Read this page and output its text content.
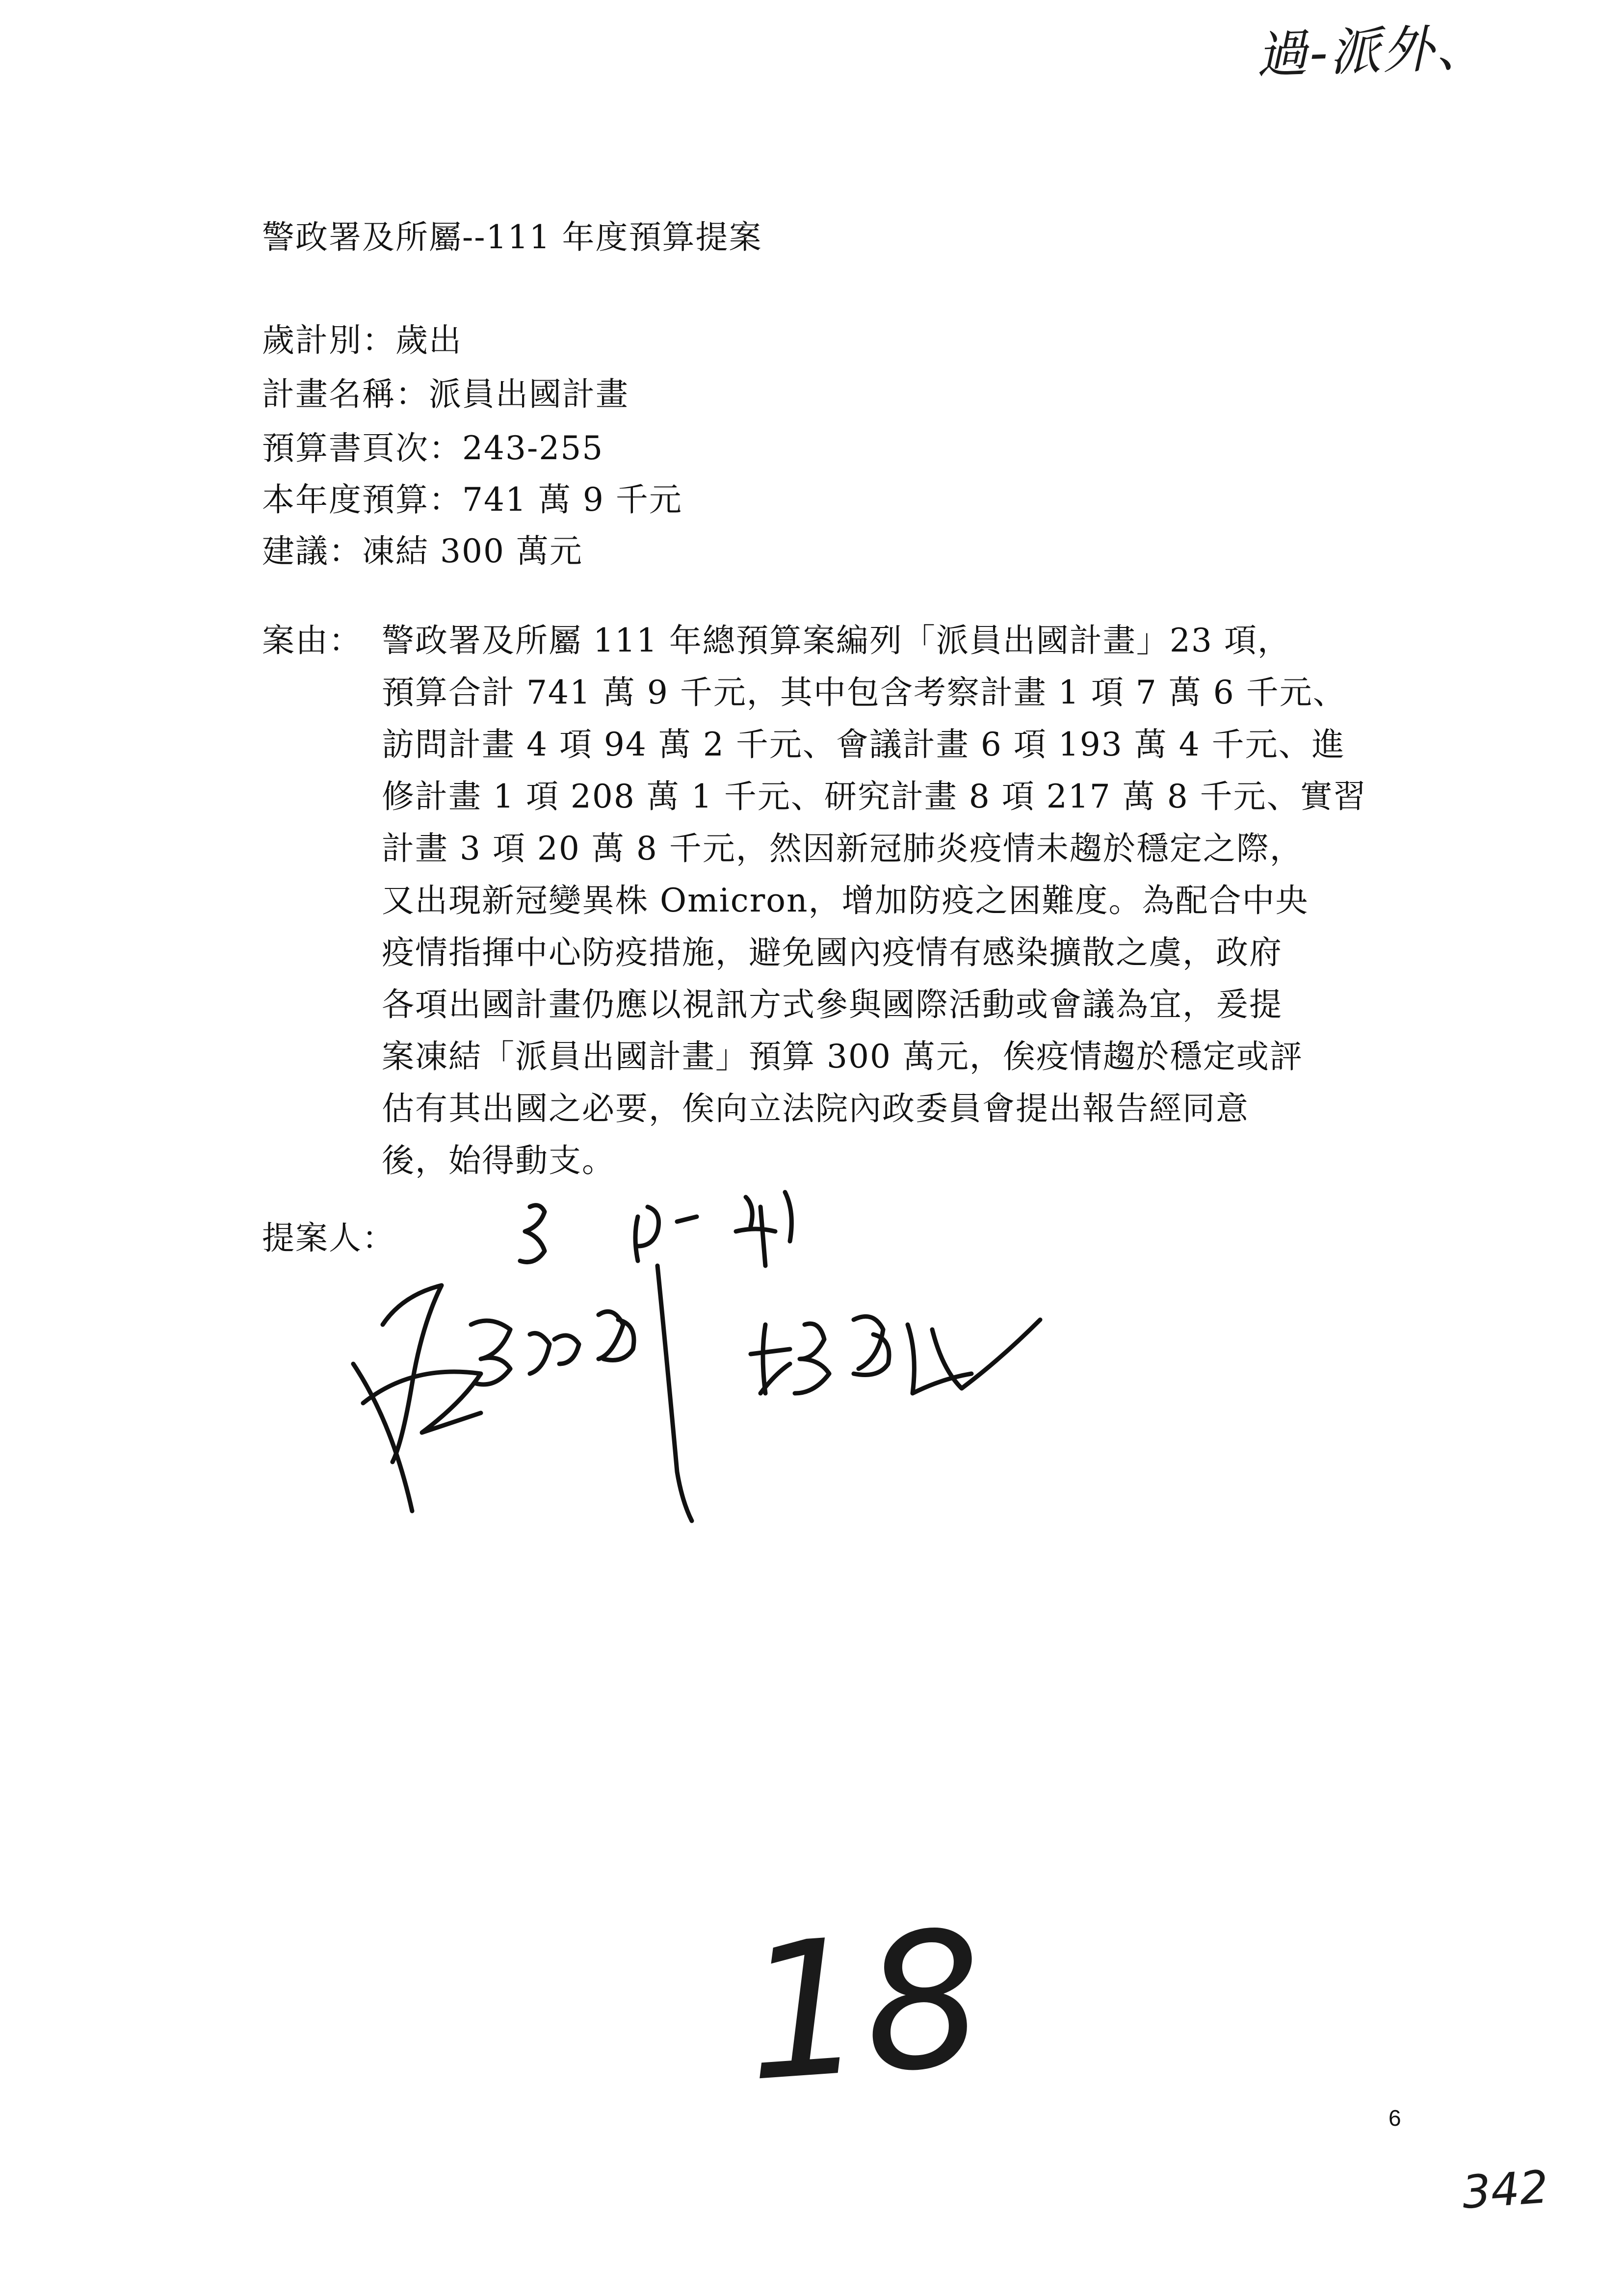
過-派外、
警政署及所屬--111 年度預算提案
歲計別：歲出
計畫名稱：派員出國計畫
預算書頁次：243-255
本年度預算：741 萬 9 千元
建議：凍結 300 萬元
案由： 警政署及所屬 111 年總預算案編列「派員出國計畫」23 項，
預算合計 741 萬 9 千元，其中包含考察計畫 1 項 7 萬 6 千元、
訪問計畫 4 項 94 萬 2 千元、會議計畫 6 項 193 萬 4 千元、進
修計畫 1 項 208 萬 1 千元、研究計畫 8 項 217 萬 8 千元、實習
計畫 3 項 20 萬 8 千元，然因新冠肺炎疫情未趨於穩定之際，
又出現新冠變異株 Omicron，增加防疫之困難度。為配合中央
疫情指揮中心防疫措施，避免國內疫情有感染擴散之虞，政府
各項出國計畫仍應以視訊方式參與國際活動或會議為宜，爰提
案凍結「派員出國計畫」預算 300 萬元，俟疫情趨於穩定或評
估有其出國之必要，俟向立法院內政委員會提出報告經同意
後，始得動支。
提案人：
18	6
342
